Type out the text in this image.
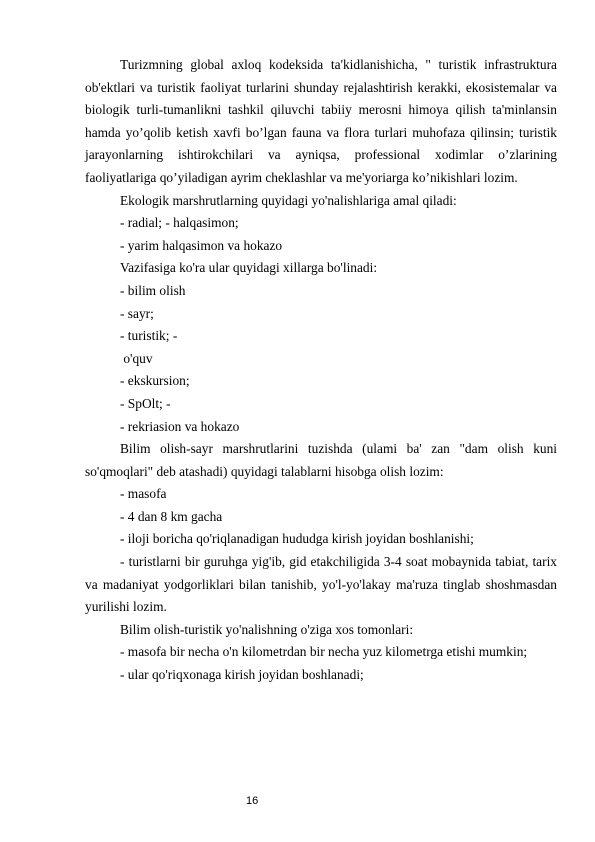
Turizmning global axloq kodeksida ta'kidlanishicha, " turistik infrastruktura ob'ektlari va turistik faoliyat turlarini shunday rejalashtirish kerakki, ekosistemalar va biologik turli-tumanlikni tashkil qiluvchi tabiiy merosni himoya qilish ta'minlansin hamda yo’qolib ketish xavfi bo’lgan fauna va flora turlari muhofaza qilinsin; turistik jarayonlarning ishtirokchilari va ayniqsa, professional xodimlar o’zlarining faoliyatlariga qo’yiladigan ayrim cheklashlar va me'yoriarga ko’nikishlari lozim.

Ekologik marshrutlarning quyidagi yo'nalishlariga amal qiladi:

- radial; - halqasimon;

- yarim halqasimon va hokazo

Vazifasiga ko'ra ular quyidagi xillarga bo'linadi:

- bilim olish

- sayr;

- turistik; -

o'quv

- ekskursion;

- SpOlt; -

- rekriasion va hokazo

Bilim olish-sayr marshrutlarini tuzishda (ulami ba' zan "dam olish kuni so'qmoqlari" deb atashadi) quyidagi talablarni hisobga olish lozim:

- masofa

- 4 dan 8 km gacha

- iloji boricha qo'riqlanadigan hududga kirish joyidan boshlanishi;

- turistlarni bir guruhga yig'ib, gid etakchiligida 3-4 soat mobaynida tabiat, tarix va madaniyat yodgorliklari bilan tanishib, yo'l-yo'lakay ma'ruza tinglab shoshmasdan yurilishi lozim.

Bilim olish-turistik yo'nalishning o'ziga xos tomonlari:

- masofa bir necha o'n kilometrdan bir necha yuz kilometrga etishi mumkin;

- ular qo'riqxonaga kirish joyidan boshlanadi;

16
